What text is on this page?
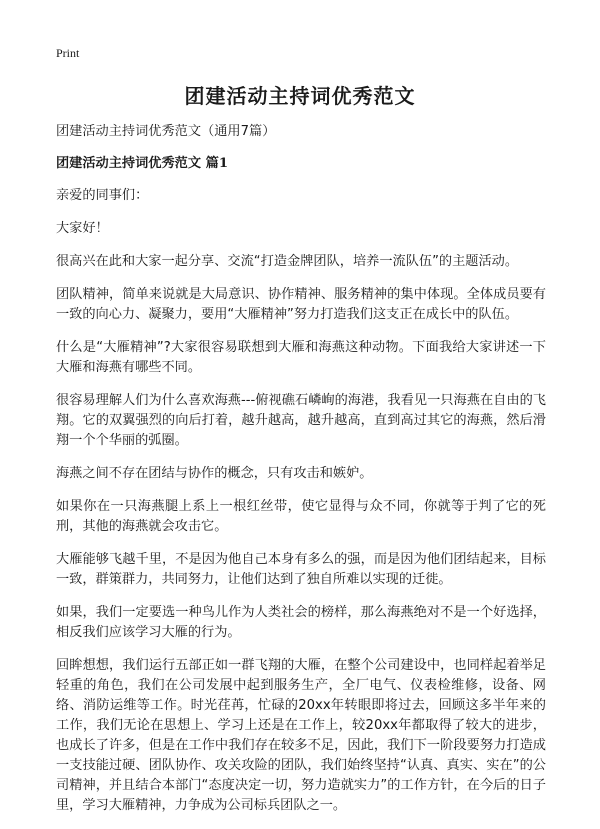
Print
团建活动主持词优秀范文

团建活动主持词优秀范文（通用7篇）

团建活动主持词优秀范文 篇1

亲爱的同事们：

大家好！

很高兴在此和大家一起分享、交流“打造金牌团队，培养一流队伍”的主题活动。

团队精神，简单来说就是大局意识、协作精神、服务精神的集中体现。全体成员要有一致的向心力、凝聚力，要用“大雁精神”努力打造我们这支正在成长中的队伍。

什么是“大雁精神”?大家很容易联想到大雁和海燕这种动物。下面我给大家讲述一下大雁和海燕有哪些不同。

很容易理解人们为什么喜欢海燕---俯视礁石嶙峋的海港，我看见一只海燕在自由的飞翔。它的双翼强烈的向后打着，越升越高，越升越高，直到高过其它的海燕，然后滑翔一个个华丽的弧圈。

海燕之间不存在团结与协作的概念，只有攻击和嫉妒。

如果你在一只海燕腿上系上一根红丝带，使它显得与众不同，你就等于判了它的死刑，其他的海燕就会攻击它。

大雁能够飞越千里，不是因为他自己本身有多么的强，而是因为他们团结起来，目标一致，群策群力，共同努力，让他们达到了独自所难以实现的迁徙。

如果，我们一定要选一种鸟儿作为人类社会的榜样，那么海燕绝对不是一个好选择，相反我们应该学习大雁的行为。

回眸想想，我们运行五部正如一群飞翔的大雁，在整个公司建设中，也同样起着举足轻重的角色，我们在公司发展中起到服务生产，全厂电气、仪表检维修，设备、网络、消防运维等工作。时光荏苒，忙碌的20xx年转眼即将过去，回顾这多半年来的工作，我们无论在思想上、学习上还是在工作上，较20xx年都取得了较大的进步，也成长了许多，但是在工作中我们存在较多不足，因此，我们下一阶段要努力打造成一支技能过硬、团队协作、攻关攻险的团队，我们始终坚持“认真、真实、实在”的公司精神，并且结合本部门“态度决定一切，努力造就实力”的工作方针，在今后的日子里，学习大雁精神，力争成为公司标兵团队之一。
